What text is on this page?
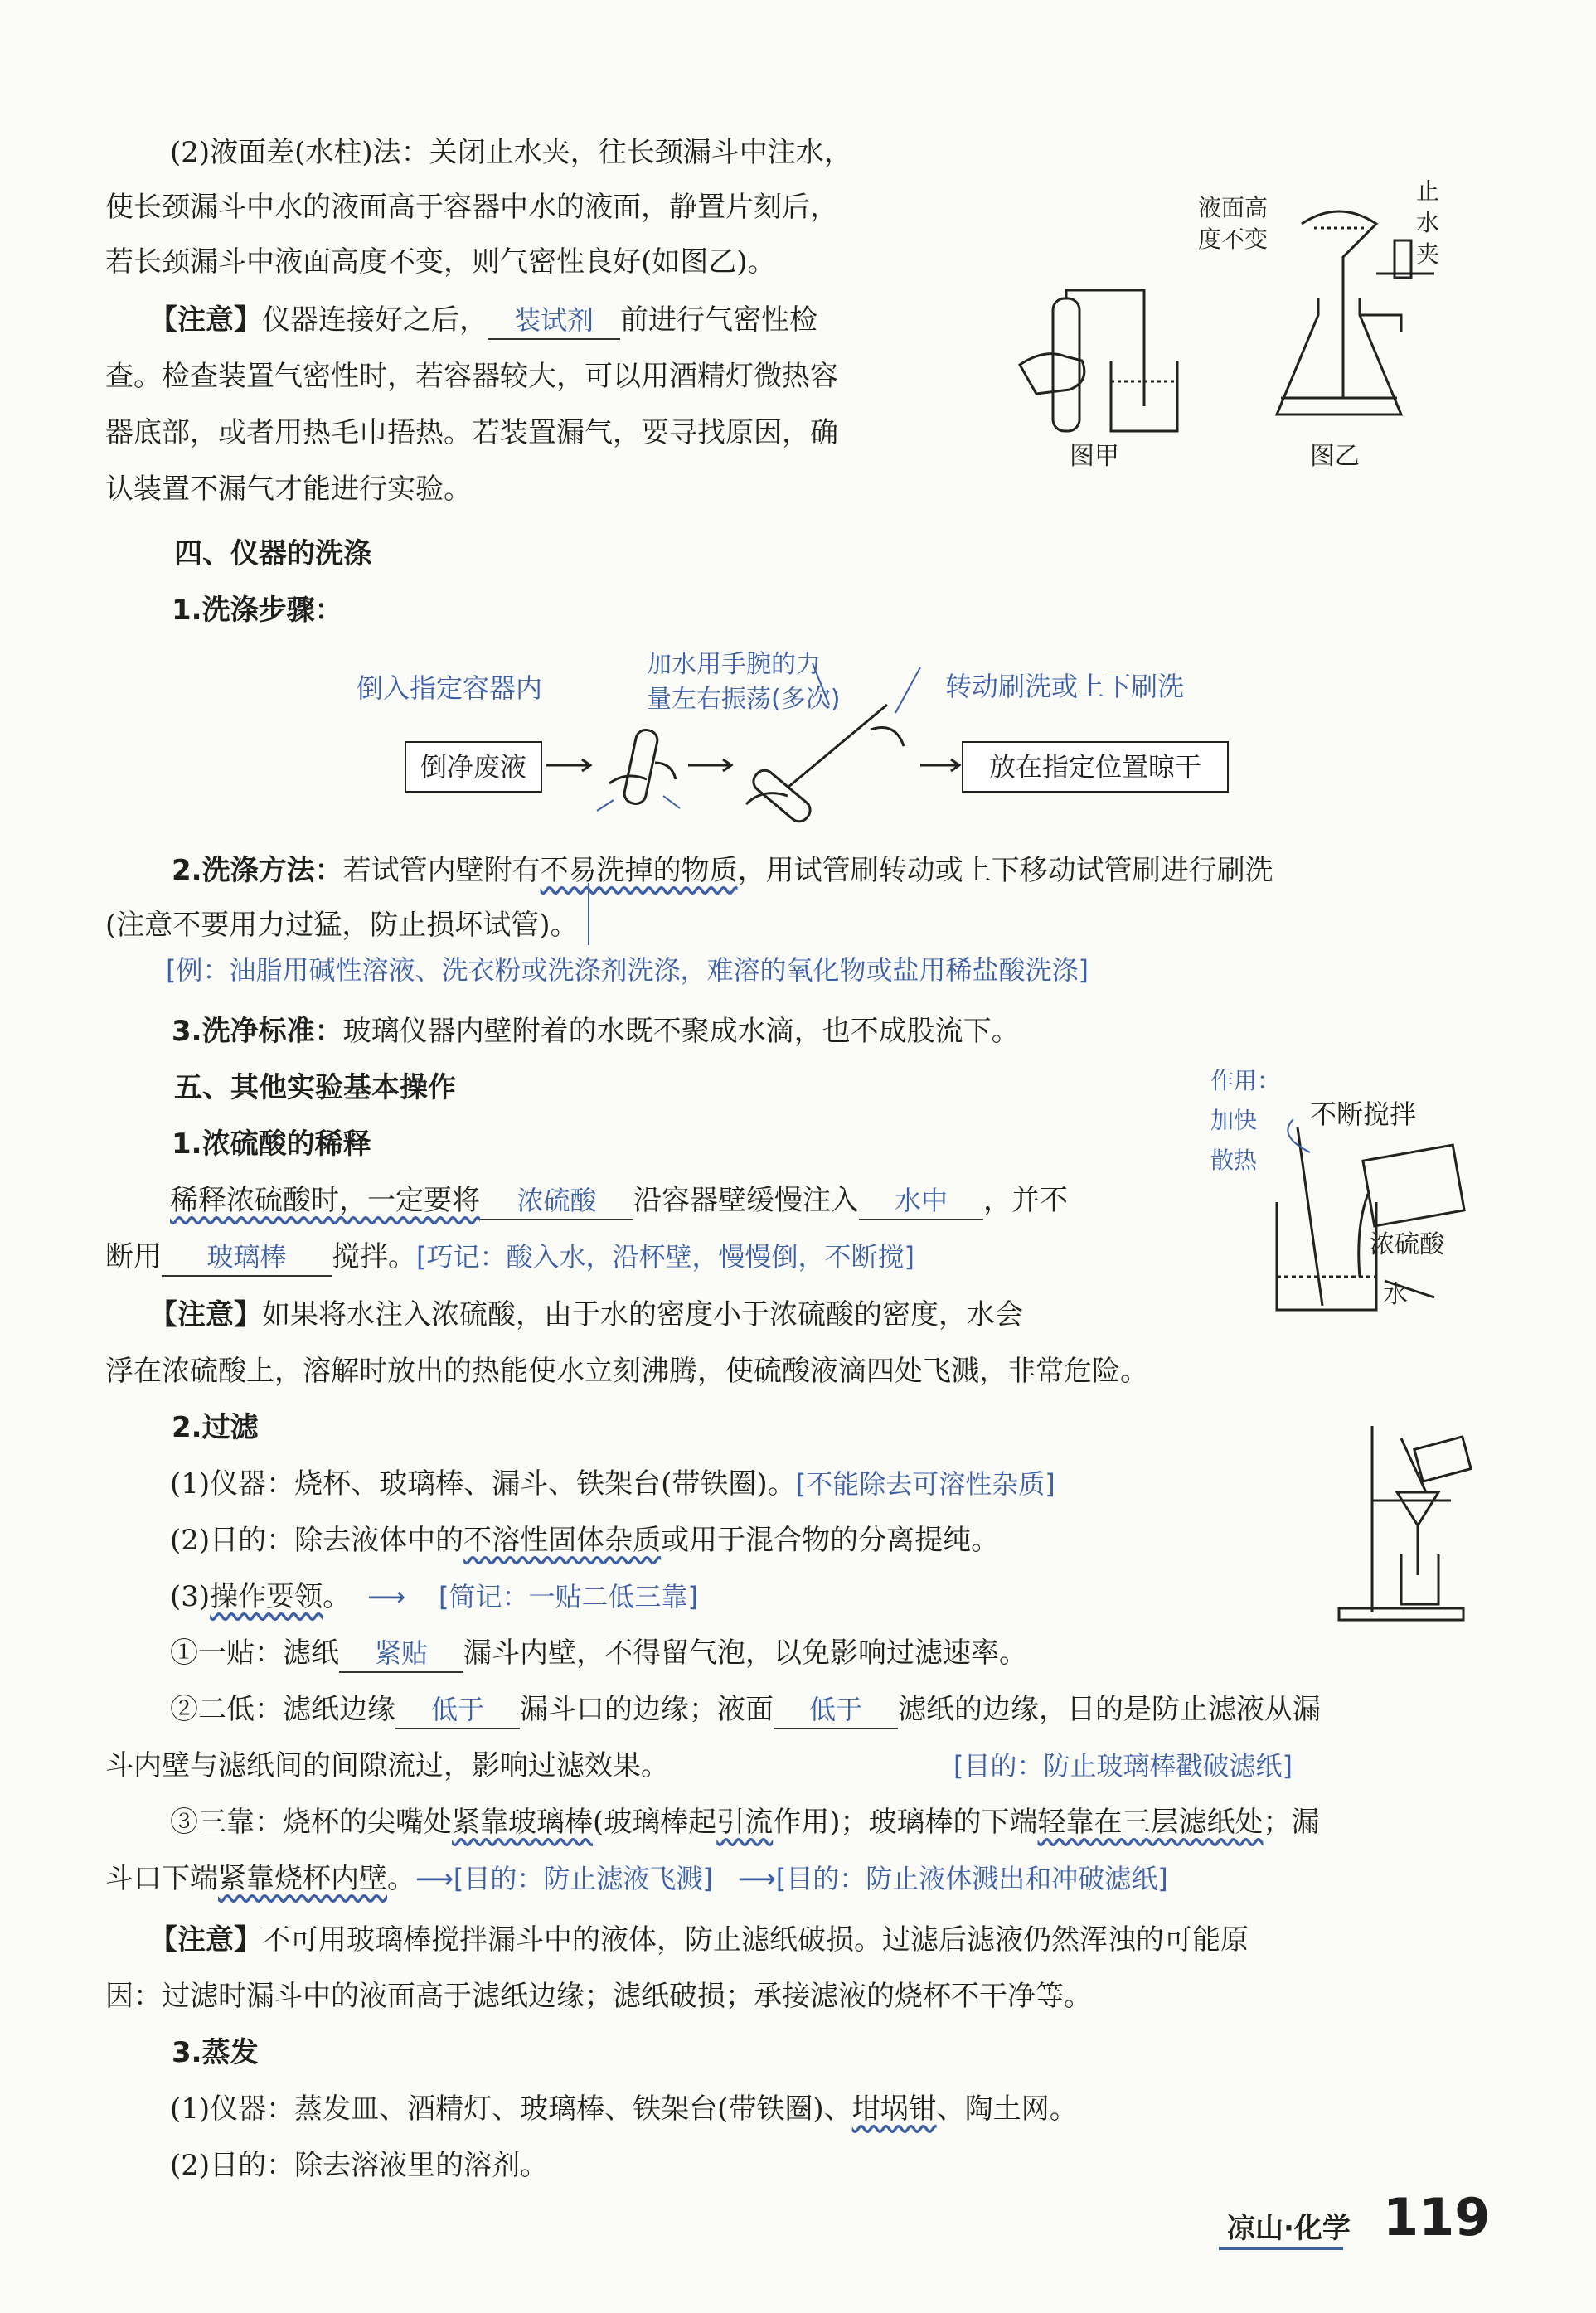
(2)液面差(水柱)法：关闭止水夹，往长颈漏斗中注水，
使长颈漏斗中水的液面高于容器中水的液面，静置片刻后，
若长颈漏斗中液面高度不变，则气密性良好(如图乙)。
【注意】仪器连接好之后， 装试剂 前进行气密性检
查。检查装置气密性时，若容器较大，可以用酒精灯微热容
器底部，或者用热毛巾捂热。若装置漏气，要寻找原因，确
认装置不漏气才能进行实验。
图甲	图乙
液面高
度不变
止
水
夹
四、仪器的洗涤
1.洗涤步骤：
倒入指定容器内
加水用手腕的力
量左右振荡(多次)	转动刷洗或上下刷洗
倒净废液	放在指定位置晾干
2.洗涤方法：若试管内壁附有不易洗掉的物质，用试管刷转动或上下移动试管刷进行刷洗
(注意不要用力过猛，防止损坏试管)。
[例：油脂用碱性溶液、洗衣粉或洗涤剂洗涤，难溶的氧化物或盐用稀盐酸洗涤]
3.洗净标准：玻璃仪器内壁附着的水既不聚成水滴，也不成股流下。
五、其他实验基本操作
1.浓硫酸的稀释
稀释浓硫酸时，一定要将 浓硫酸 沿容器壁缓慢注入 水中 ，并不
断用 玻璃棒 搅拌。[巧记：酸入水，沿杯壁，慢慢倒，不断搅]
【注意】如果将水注入浓硫酸，由于水的密度小于浓硫酸的密度，水会
浮在浓硫酸上，溶解时放出的热能使水立刻沸腾，使硫酸液滴四处飞溅，非常危险。
作用：
加快
散热
不断搅拌
浓硫酸
水
2.过滤
(1)仪器：烧杯、玻璃棒、漏斗、铁架台(带铁圈)。[不能除去可溶性杂质]
(2)目的：除去液体中的不溶性固体杂质或用于混合物的分离提纯。
(3)操作要领。 ⟶ [简记：一贴二低三靠]
①一贴：滤纸 紧贴 漏斗内壁，不得留气泡，以免影响过滤速率。
②二低：滤纸边缘 低于 漏斗口的边缘；液面 低于 滤纸的边缘，目的是防止滤液从漏
斗内壁与滤纸间的间隙流过，影响过滤效果。	[目的：防止玻璃棒戳破滤纸]
③三靠：烧杯的尖嘴处紧靠玻璃棒(玻璃棒起引流作用)；玻璃棒的下端轻靠在三层滤纸处；漏
斗口下端紧靠烧杯内壁。⟶[目的：防止滤液飞溅] ⟶[目的：防止液体溅出和冲破滤纸]
【注意】不可用玻璃棒搅拌漏斗中的液体，防止滤纸破损。过滤后滤液仍然浑浊的可能原
因：过滤时漏斗中的液面高于滤纸边缘；滤纸破损；承接滤液的烧杯不干净等。
3.蒸发
(1)仪器：蒸发皿、酒精灯、玻璃棒、铁架台(带铁圈)、坩埚钳、陶土网。
(2)目的：除去溶液里的溶剂。
凉山·化学 119
